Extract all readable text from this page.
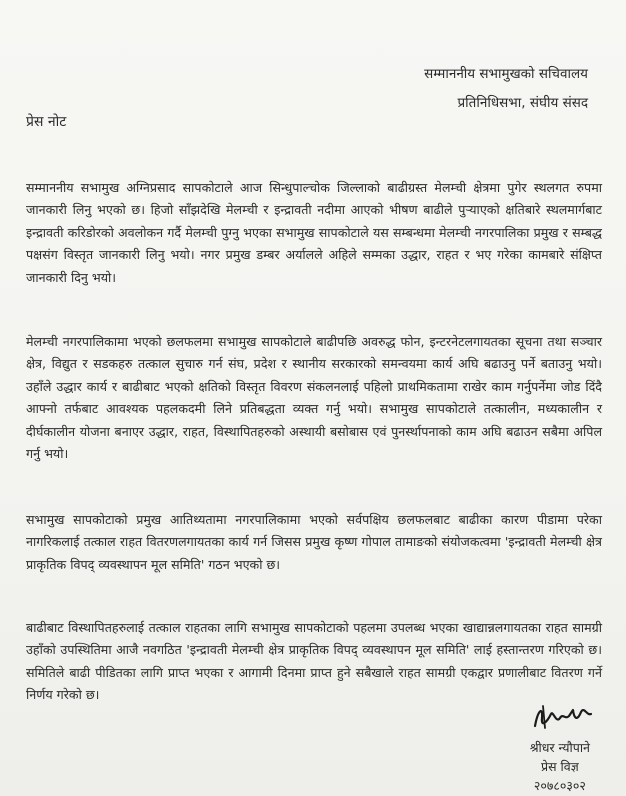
सम्माननीय सभामुखको सचिवालय
प्रतिनिधिसभा, संघीय संसद
प्रेस नोट

सम्माननीय सभामुख अग्निप्रसाद सापकोटाले आज सिन्धुपाल्चोक जिल्लाको बाढीग्रस्त मेलम्ची क्षेत्रमा पुगेर स्थलगत रुपमा जानकारी लिनु भएको छ। हिजो साँझदेखि मेलम्ची र इन्द्रावती नदीमा आएको भीषण बाढीले पुऱ्याएको क्षतिबारे स्थलमार्गबाट इन्द्रावती करिडोरको अवलोकन गर्दै मेलम्ची पुग्नु भएका सभामुख सापकोटाले यस सम्बन्धमा मेलम्ची नगरपालिका प्रमुख र सम्बद्ध पक्षसंग विस्तृत जानकारी लिनु भयो। नगर प्रमुख डम्बर अर्यालले अहिले सम्मका उद्धार, राहत र भए गरेका कामबारे संक्षिप्त जानकारी दिनु भयो।

मेलम्ची नगरपालिकामा भएको छलफलमा सभामुख सापकोटाले बाढीपछि अवरुद्ध फोन, इन्टरनेटलगायतका सूचना तथा सञ्चार क्षेत्र, विद्युत र सडकहरु तत्काल सुचारु गर्न संघ, प्रदेश र स्थानीय सरकारको समन्वयमा कार्य अघि बढाउनु पर्ने बताउनु भयो। उहाँले उद्धार कार्य र बाढीबाट भएको क्षतिको विस्तृत विवरण संकलनलाई पहिलो प्राथमिकतामा राखेर काम गर्नुपर्नेमा जोड दिंदै आफ्नो तर्फबाट आवश्यक पहलकदमी लिने प्रतिबद्धता व्यक्त गर्नु भयो। सभामुख सापकोटाले तत्कालीन, मध्यकालीन र दीर्घकालीन योजना बनाएर उद्धार, राहत, विस्थापितहरुको अस्थायी बसोबास एवं पुनर्स्थापनाको काम अघि बढाउन सबैमा अपिल गर्नु भयो।

सभामुख सापकोटाको प्रमुख आतिथ्यतामा नगरपालिकामा भएको सर्वपक्षिय छलफलबाट बाढीका कारण पीडामा परेका नागरिकलाई तत्काल राहत वितरणलगायतका कार्य गर्न जिसस प्रमुख कृष्ण गोपाल तामाङको संयोजकत्वमा 'इन्द्रावती मेलम्ची क्षेत्र प्राकृतिक विपद् व्यवस्थापन मूल समिति' गठन भएको छ।

बाढीबाट विस्थापितहरुलाई तत्काल राहतका लागि सभामुख सापकोटाको पहलमा उपलब्ध भएका खाद्यान्नलगायतका राहत सामग्री उहाँको उपस्थितिमा आजै नवगठित 'इन्द्रावती मेलम्ची क्षेत्र प्राकृतिक विपद् व्यवस्थापन मूल समिति' लाई हस्तान्तरण गरिएको छ। समितिले बाढी पीडितका लागि प्राप्त भएका र आगामी दिनमा प्राप्त हुने सबैखाले राहत सामग्री एकद्वार प्रणालीबाट वितरण गर्ने निर्णय गरेको छ।

श्रीधर न्यौपाने
प्रेस विज्ञ
२०७८०३०२
